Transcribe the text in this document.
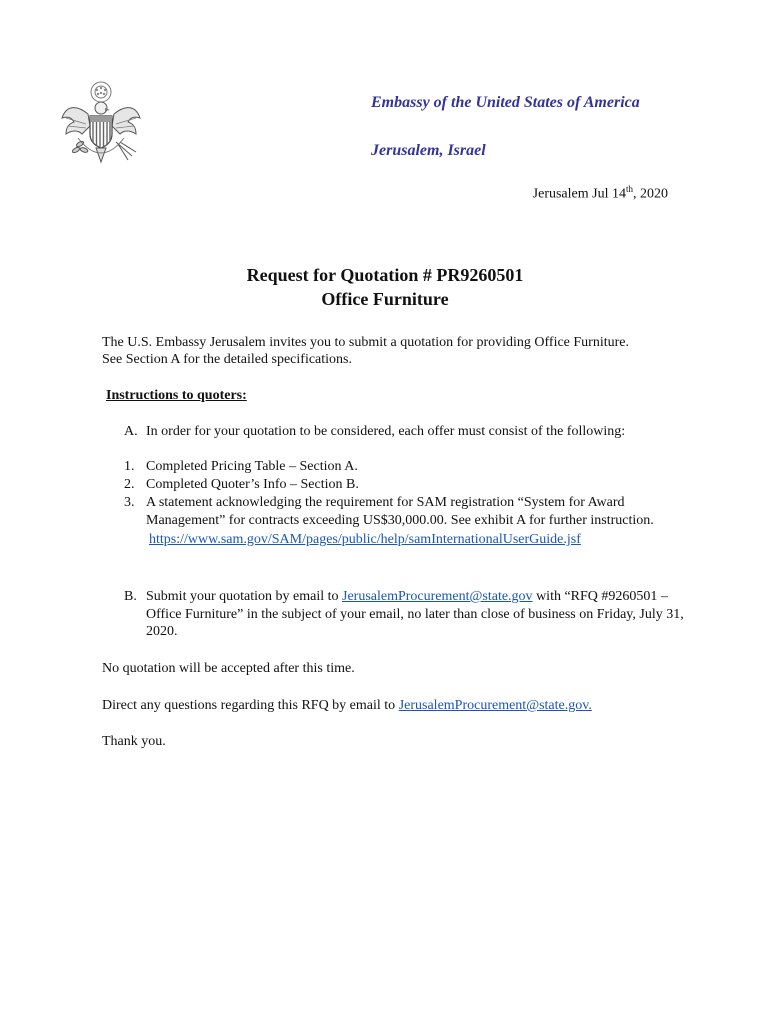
Embassy of the United States of America

Jerusalem, Israel

Jerusalem Jul 14th, 2020

Request for Quotation # PR9260501
Office Furniture

The U.S. Embassy Jerusalem invites you to submit a quotation for providing Office Furniture. See Section A for the detailed specifications.

Instructions to quoters:

A. In order for your quotation to be considered, each offer must consist of the following:

1. Completed Pricing Table – Section A.
2. Completed Quoter’s Info – Section B.
3. A statement acknowledging the requirement for SAM registration “System for Award Management” for contracts exceeding US$30,000.00. See exhibit A for further instruction.
https://www.sam.gov/SAM/pages/public/help/samInternationalUserGuide.jsf
B. Submit your quotation by email to JerusalemProcurement@state.gov with “RFQ #9260501 – Office Furniture” in the subject of your email, no later than close of business on Friday, July 31, 2020.

No quotation will be accepted after this time.

Direct any questions regarding this RFQ by email to JerusalemProcurement@state.gov.

Thank you.
